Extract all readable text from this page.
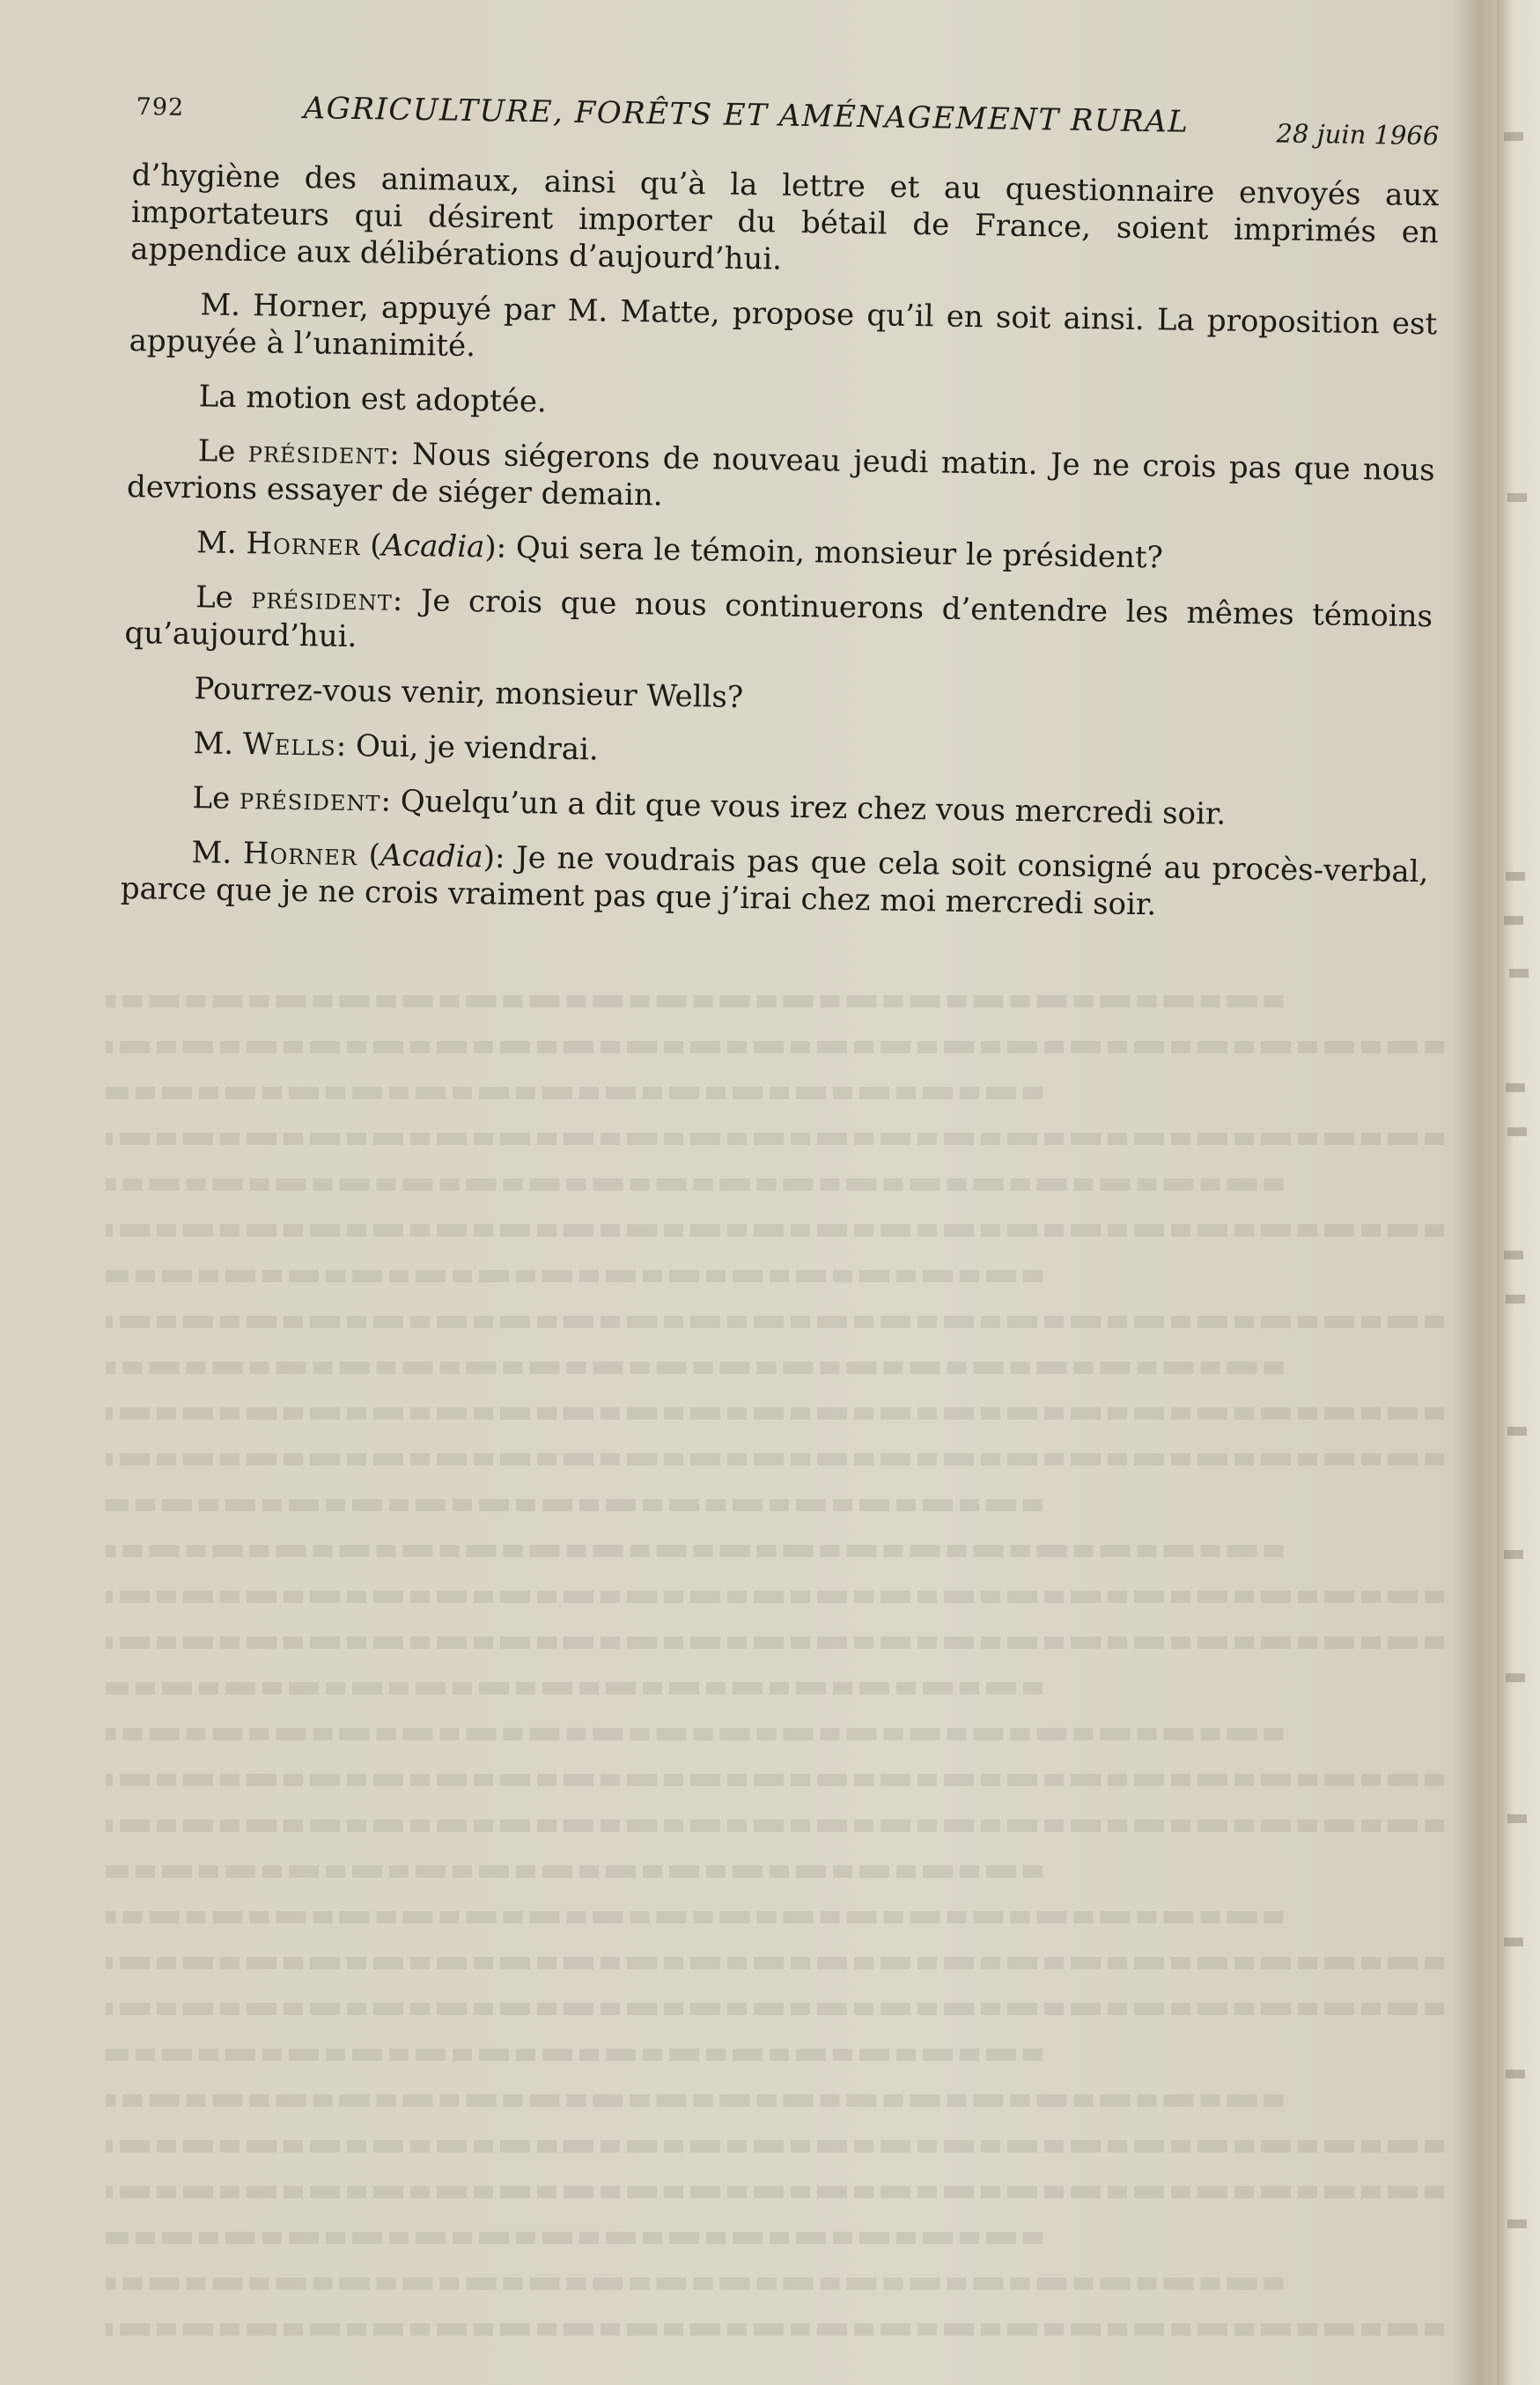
792	AGRICULTURE, FORÊTS ET AMÉNAGEMENT RURAL	28 juin 1966

d’hygiène des animaux, ainsi qu’à la lettre et au questionnaire envoyés aux importateurs qui désirent importer du bétail de France, soient imprimés en appendice aux délibérations d’aujourd’hui.

M. Horner, appuyé par M. Matte, propose qu’il en soit ainsi. La proposition est appuyée à l’unanimité.

La motion est adoptée.

Le président: Nous siégerons de nouveau jeudi matin. Je ne crois pas que nous devrions essayer de siéger demain.

M. Horner (Acadia): Qui sera le témoin, monsieur le président?

Le président: Je crois que nous continuerons d’entendre les mêmes témoins qu’aujourd’hui.

Pourrez-vous venir, monsieur Wells?

M. Wells: Oui, je viendrai.

Le président: Quelqu’un a dit que vous irez chez vous mercredi soir.

M. Horner (Acadia): Je ne voudrais pas que cela soit consigné au procès-verbal, parce que je ne crois vraiment pas que j’irai chez moi mercredi soir.
